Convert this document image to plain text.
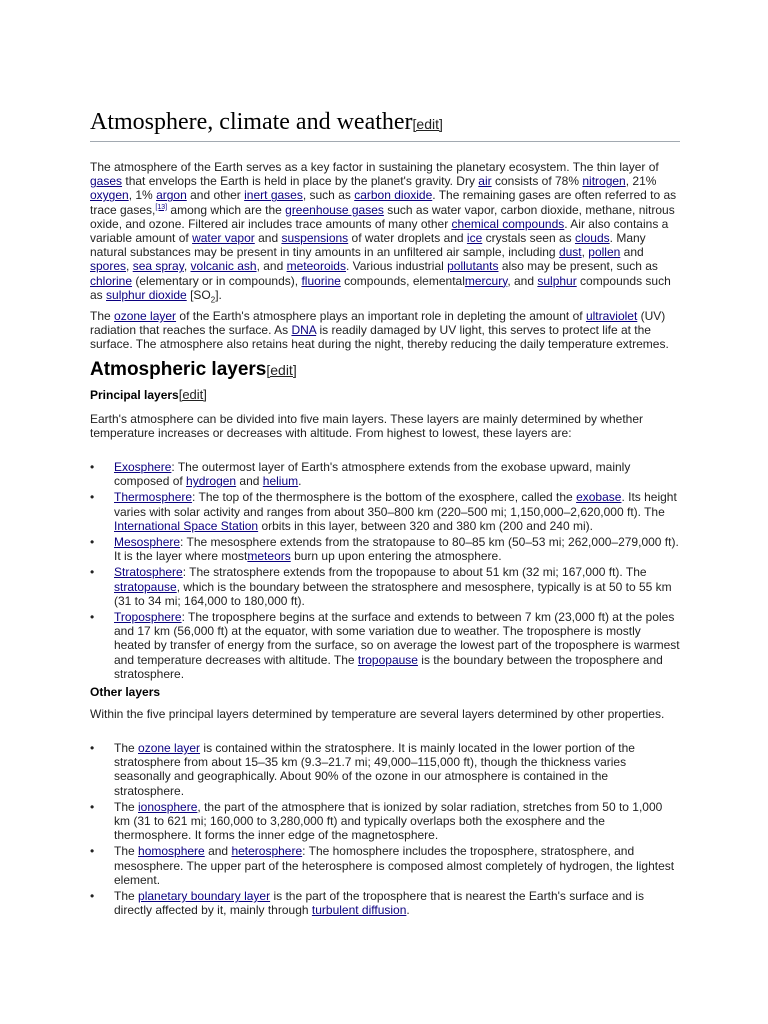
Atmosphere, climate and weather[edit]

The atmosphere of the Earth serves as a key factor in sustaining the planetary ecosystem. The thin layer of gases that envelops the Earth is held in place by the planet's gravity. Dry air consists of 78% nitrogen, 21% oxygen, 1% argon and other inert gases, such as carbon dioxide. The remaining gases are often referred to as trace gases,[13] among which are the greenhouse gases such as water vapor, carbon dioxide, methane, nitrous oxide, and ozone. Filtered air includes trace amounts of many other chemical compounds. Air also contains a variable amount of water vapor and suspensions of water droplets and ice crystals seen as clouds. Many natural substances may be present in tiny amounts in an unfiltered air sample, including dust, pollen and spores, sea spray, volcanic ash, and meteoroids. Various industrial pollutants also may be present, such as chlorine (elementary or in compounds), fluorine compounds, elementalmercury, and sulphur compounds such as sulphur dioxide $[SO_2]$.

The ozone layer of the Earth's atmosphere plays an important role in depleting the amount of ultraviolet (UV) radiation that reaches the surface. As DNA is readily damaged by UV light, this serves to protect life at the surface. The atmosphere also retains heat during the night, thereby reducing the daily temperature extremes.

Atmospheric layers[edit]
Principal layers[edit]

Earth's atmosphere can be divided into five main layers. These layers are mainly determined by whether temperature increases or decreases with altitude. From highest to lowest, these layers are:

• Exosphere: The outermost layer of Earth's atmosphere extends from the exobase upward, mainly composed of hydrogen and helium.
• Thermosphere: The top of the thermosphere is the bottom of the exosphere, called the exobase. Its height varies with solar activity and ranges from about 350–800 km (220–500 mi; 1,150,000–2,620,000 ft). The International Space Station orbits in this layer, between 320 and 380 km (200 and 240 mi).
• Mesosphere: The mesosphere extends from the stratopause to 80–85 km (50–53 mi; 262,000–279,000 ft). It is the layer where mostmeteors burn up upon entering the atmosphere.
• Stratosphere: The stratosphere extends from the tropopause to about 51 km (32 mi; 167,000 ft). The stratopause, which is the boundary between the stratosphere and mesosphere, typically is at 50 to 55 km (31 to 34 mi; 164,000 to 180,000 ft).
• Troposphere: The troposphere begins at the surface and extends to between 7 km (23,000 ft) at the poles and 17 km (56,000 ft) at the equator, with some variation due to weather. The troposphere is mostly heated by transfer of energy from the surface, so on average the lowest part of the troposphere is warmest and temperature decreases with altitude. The tropopause is the boundary between the troposphere and stratosphere.
Other layers

Within the five principal layers determined by temperature are several layers determined by other properties.

• The ozone layer is contained within the stratosphere. It is mainly located in the lower portion of the stratosphere from about 15–35 km (9.3–21.7 mi; 49,000–115,000 ft), though the thickness varies seasonally and geographically. About 90% of the ozone in our atmosphere is contained in the stratosphere.
• The ionosphere, the part of the atmosphere that is ionized by solar radiation, stretches from 50 to 1,000 km (31 to 621 mi; 160,000 to 3,280,000 ft) and typically overlaps both the exosphere and the thermosphere. It forms the inner edge of the magnetosphere.
• The homosphere and heterosphere: The homosphere includes the troposphere, stratosphere, and mesosphere. The upper part of the heterosphere is composed almost completely of hydrogen, the lightest element.
• The planetary boundary layer is the part of the troposphere that is nearest the Earth's surface and is directly affected by it, mainly through turbulent diffusion.
